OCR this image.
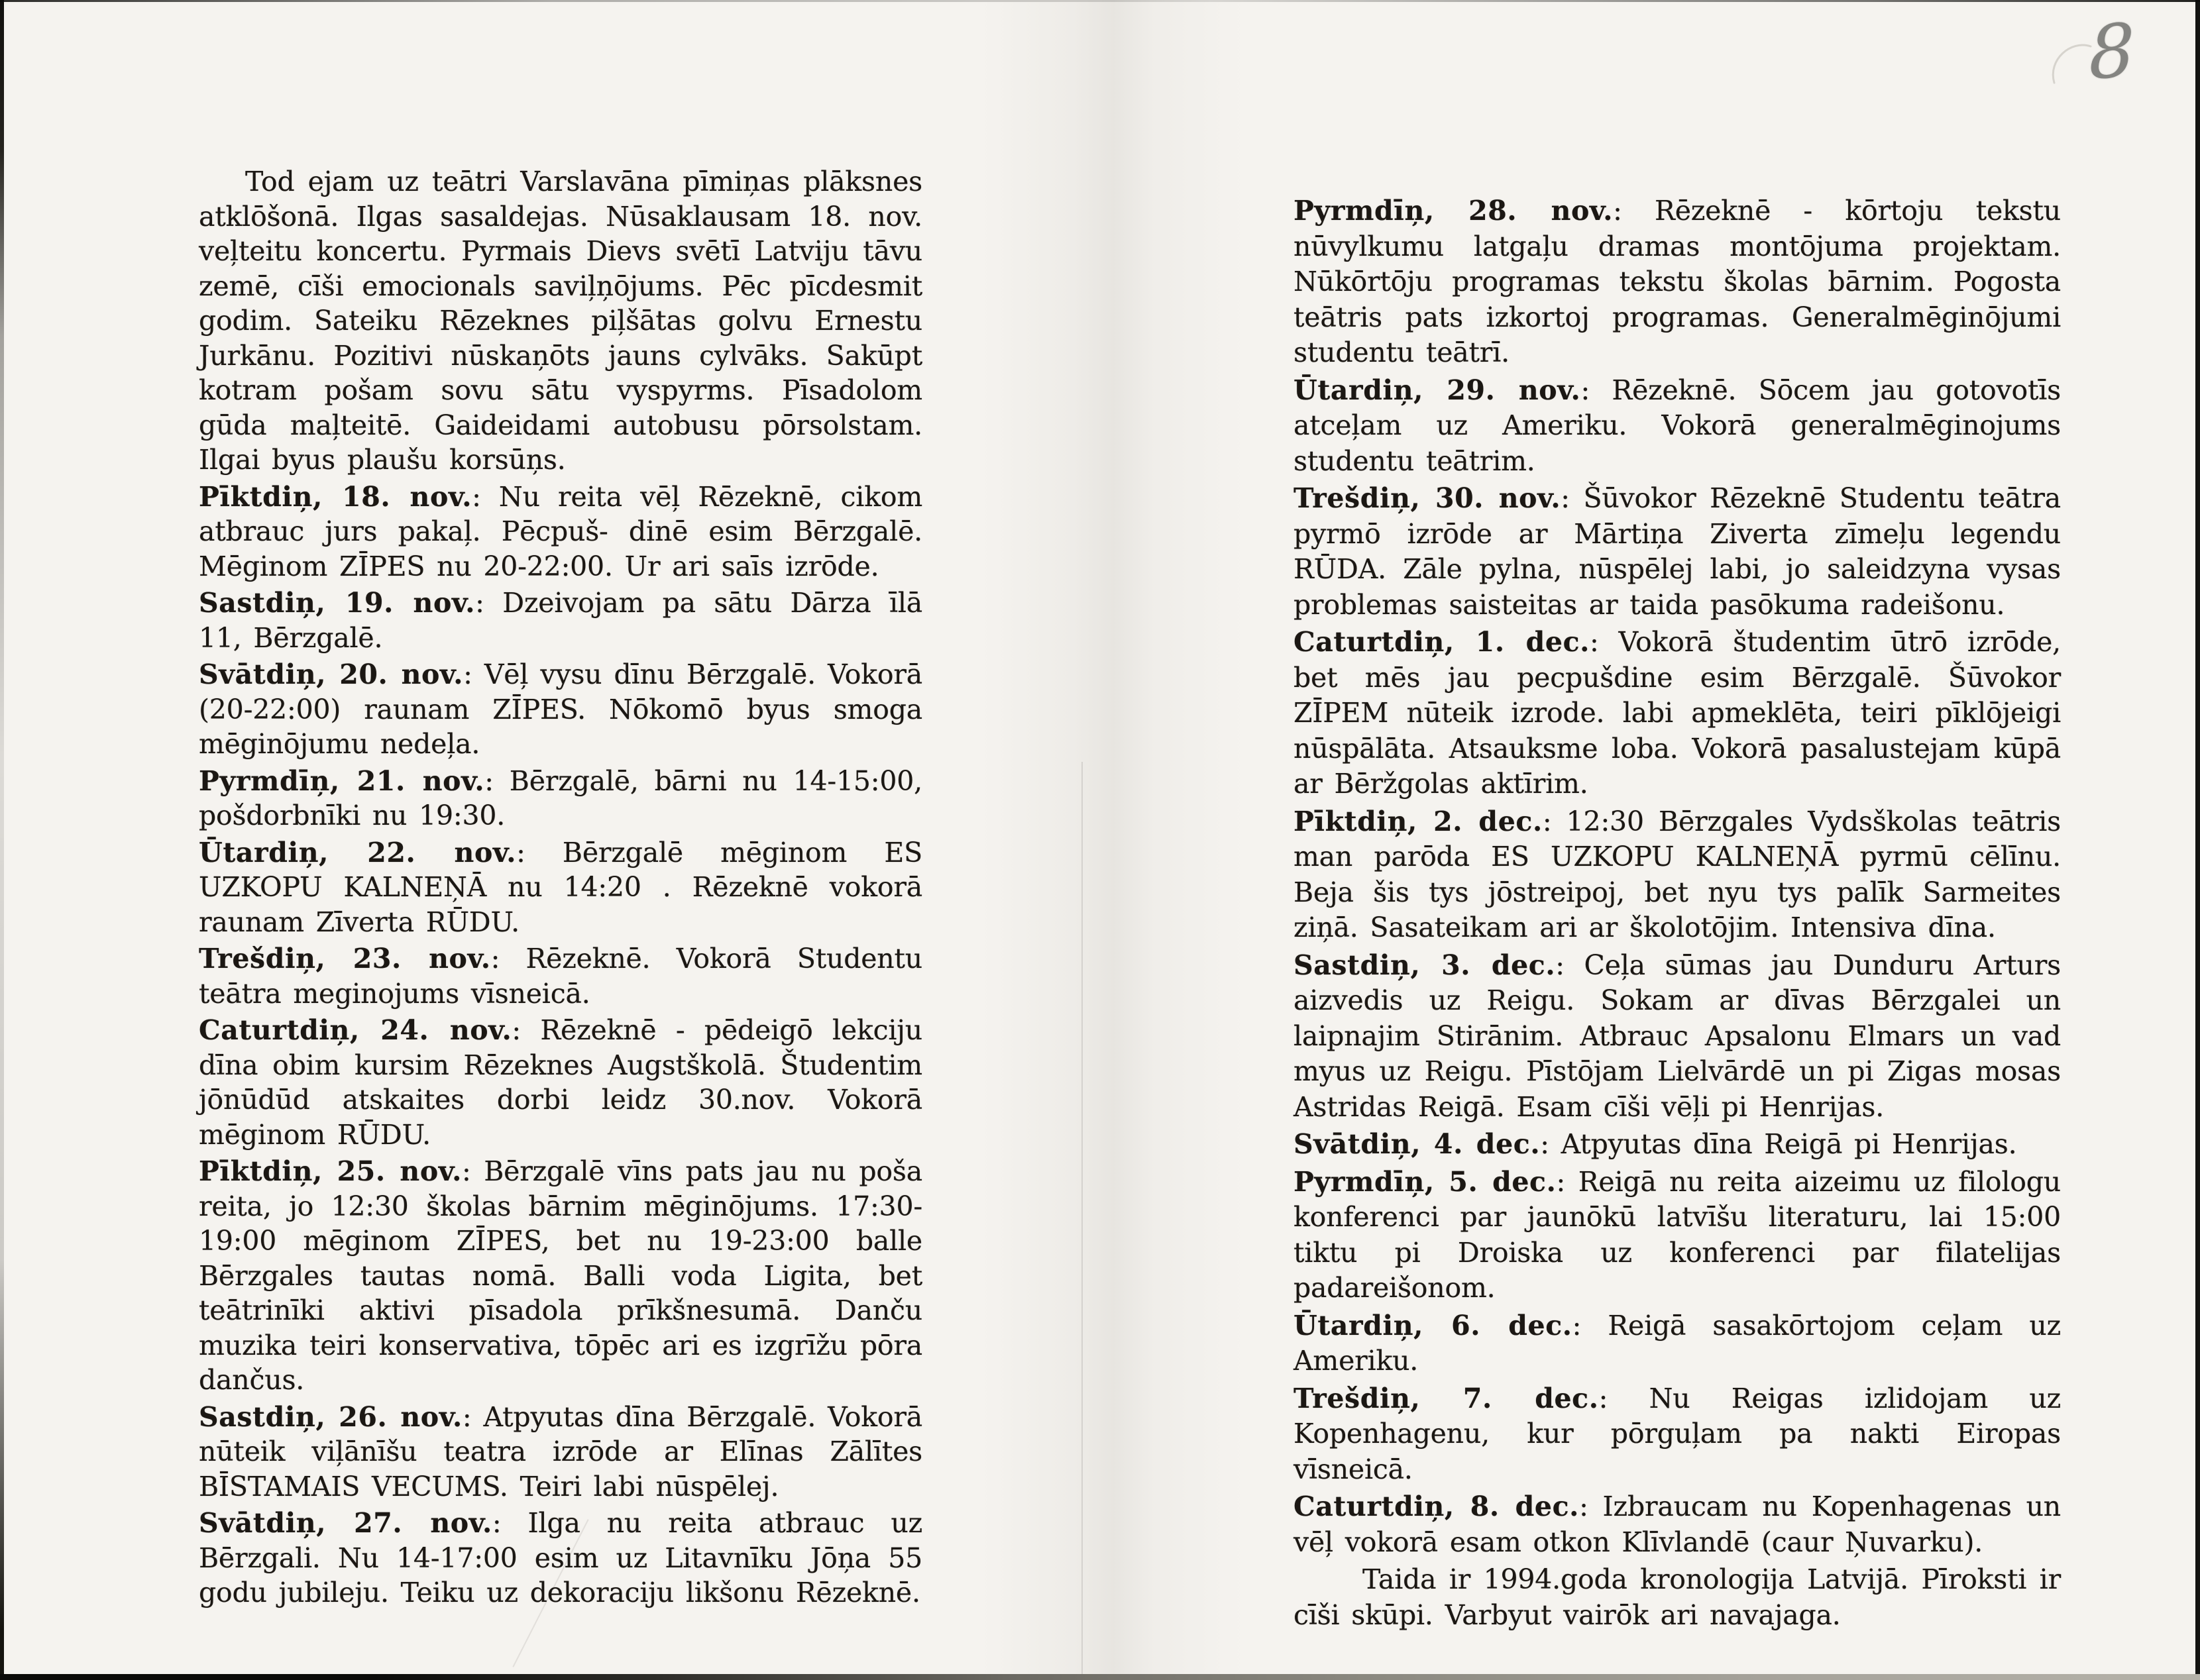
Tod ejam uz teātri Varslavāna pīmiņas plāksnes atklōšonā. Ilgas sasaldejas. Nūsaklausam 18. nov. veļteitu koncertu. Pyrmais Dievs svētī Latviju tāvu zemē, cīši emocionals saviļņōjums. Pēc pīcdesmit godim. Sateiku Rēzeknes piļšātas golvu Ernestu Jurkānu. Pozitivi nūskaņōts jauns cylvāks. Sakūpt kotram pošam sovu sātu vyspyrms. Pīsadolom gūda maļteitē. Gaideidami autobusu pōrsolstam. Ilgai byus plaušu korsūņs.

Pīktdiņ, 18. nov.: Nu reita vēļ Rēzeknē, cikom atbrauc jurs pakaļ. Pēcpuš- dinē esim Bērzgalē. Mēginom ZĪPES nu 20-22:00. Ur ari saīs izrōde.

Sastdiņ, 19. nov.: Dzeivojam pa sātu Dārza īlā 11, Bērzgalē.

Svātdiņ, 20. nov.: Vēļ vysu dīnu Bērzgalē. Vokorā (20-22:00) raunam ZĪPES. Nōkomō byus smoga mēginōjumu nedeļa.

Pyrmdīņ, 21. nov.: Bērzgalē, bārni nu 14-15:00, pošdorbnīki nu 19:30.

Ūtardiņ, 22. nov.: Bērzgalē mēginom ES UZKOPU KALNEŅĀ nu 14:20 . Rēzeknē vokorā raunam Zīverta RŪDU.

Trešdiņ, 23. nov.: Rēzeknē. Vokorā Studentu teātra meginojums vīsneicā.

Caturtdiņ, 24. nov.: Rēzeknē - pēdeigō lekciju dīna obim kursim Rēzeknes Augstškolā. Študentim jōnūdūd atskaites dorbi leidz 30.nov. Vokorā mēginom RŪDU.

Pīktdiņ, 25. nov.: Bērzgalē vīns pats jau nu poša reita, jo 12:30 školas bārnim mēginōjums. 17:30-19:00 mēginom ZĪPES, bet nu 19-23:00 balle Bērzgales tautas nomā. Balli voda Ligita, bet teātrinīki aktivi pīsadola prīkšnesumā. Danču muzika teiri konservativa, tōpēc ari es izgrīžu pōra dančus.

Sastdiņ, 26. nov.: Atpyutas dīna Bērzgalē. Vokorā nūteik viļānīšu teatra izrōde ar Elīnas Zālītes BĪSTAMAIS VECUMS. Teiri labi nūspēlej.

Svātdiņ, 27. nov.: Ilga nu reita atbrauc uz Bērzgali. Nu 14-17:00 esim uz Litavnīku Jōņa 55 godu jubileju. Teiku uz dekoraciju likšonu Rēzeknē.

Pyrmdīņ, 28. nov.: Rēzeknē - kōrtoju tekstu nūvylkumu latgaļu dramas montōjuma projektam. Nūkōrtōju programas tekstu školas bārnim. Pogosta teātris pats izkortoj programas. Generalmēginōjumi studentu teātrī.

Ūtardiņ, 29. nov.: Rēzeknē. Sōcem jau gotovotīs atceļam uz Ameriku. Vokorā generalmēginojums studentu teātrim.

Trešdiņ, 30. nov.: Šūvokor Rēzeknē Studentu teātra pyrmō izrōde ar Mārtiņa Ziverta zīmeļu legendu RŪDA. Zāle pylna, nūspēlej labi, jo saleidzyna vysas problemas saisteitas ar taida pasōkuma radeišonu.

Caturtdiņ, 1. dec.: Vokorā študentim ūtrō izrōde, bet mēs jau pecpušdine esim Bērzgalē. Šūvokor ZĪPEM nūteik izrode. labi apmeklēta, teiri pīklōjeigi nūspālāta. Atsauksme loba. Vokorā pasalustejam kūpā ar Bēržgolas aktīrim.

Pīktdiņ, 2. dec.: 12:30 Bērzgales Vydsškolas teātris man parōda ES UZKOPU KALNEŅĀ pyrmū cēlīnu. Beja šis tys jōstreipoj, bet nyu tys palīk Sarmeites ziņā. Sasateikam ari ar školotōjim. Intensiva dīna.

Sastdiņ, 3. dec.: Ceļa sūmas jau Dunduru Arturs aizvedis uz Reigu. Sokam ar dīvas Bērzgalei un laipnajim Stirānim. Atbrauc Apsalonu Elmars un vad myus uz Reigu. Pīstōjam Lielvārdē un pi Zigas mosas Astridas Reigā. Esam cīši vēļi pi Henrijas.

Svātdiņ, 4. dec.: Atpyutas dīna Reigā pi Henrijas.

Pyrmdīņ, 5. dec.: Reigā nu reita aizeimu uz filologu konferenci par jaunōkū latvīšu literaturu, lai 15:00 tiktu pi Droiska uz konferenci par filatelijas padareišonom.

Ūtardiņ, 6. dec.: Reigā sasakōrtojom ceļam uz Ameriku.

Trešdiņ, 7. dec.: Nu Reigas izlidojam uz Kopenhagenu, kur pōrguļam pa nakti Eiropas vīsneicā.

Caturtdiņ, 8. dec.: Izbraucam nu Kopenhagenas un vēļ vokorā esam otkon Klīvlandē (caur Ņuvarku).

Taida ir 1994.goda kronologija Latvijā. Pīroksti ir cīši skūpi. Varbyut vairōk ari navajaga.

8
